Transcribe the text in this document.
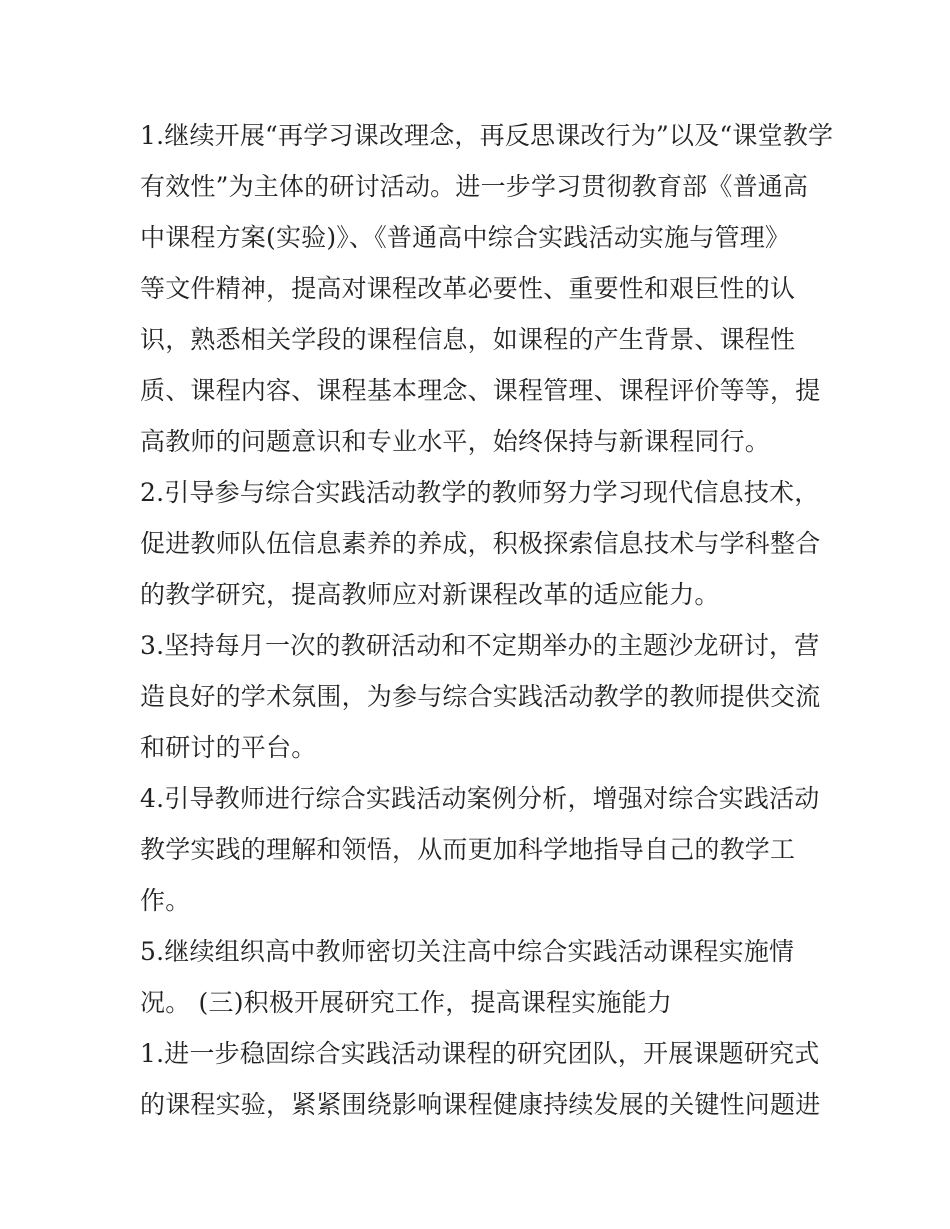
1.继续开展“再学习课改理念，再反思课改行为”以及“课堂教学
有效性”为主体的研讨活动。进一步学习贯彻教育部《普通高
中课程方案(实验)》、《普通高中综合实践活动实施与管理》
等文件精神，提高对课程改革必要性、重要性和艰巨性的认
识，熟悉相关学段的课程信息，如课程的产生背景、课程性
质、课程内容、课程基本理念、课程管理、课程评价等等，提
高教师的问题意识和专业水平，始终保持与新课程同行。
2.引导参与综合实践活动教学的教师努力学习现代信息技术，
促进教师队伍信息素养的养成，积极探索信息技术与学科整合
的教学研究，提高教师应对新课程改革的适应能力。
3.坚持每月一次的教研活动和不定期举办的主题沙龙研讨，营
造良好的学术氛围，为参与综合实践活动教学的教师提供交流
和研讨的平台。
4.引导教师进行综合实践活动案例分析，增强对综合实践活动
教学实践的理解和领悟，从而更加科学地指导自己的教学工
作。
5.继续组织高中教师密切关注高中综合实践活动课程实施情
况。 (三)积极开展研究工作，提高课程实施能力
1.进一步稳固综合实践活动课程的研究团队，开展课题研究式
的课程实验，紧紧围绕影响课程健康持续发展的关键性问题进
